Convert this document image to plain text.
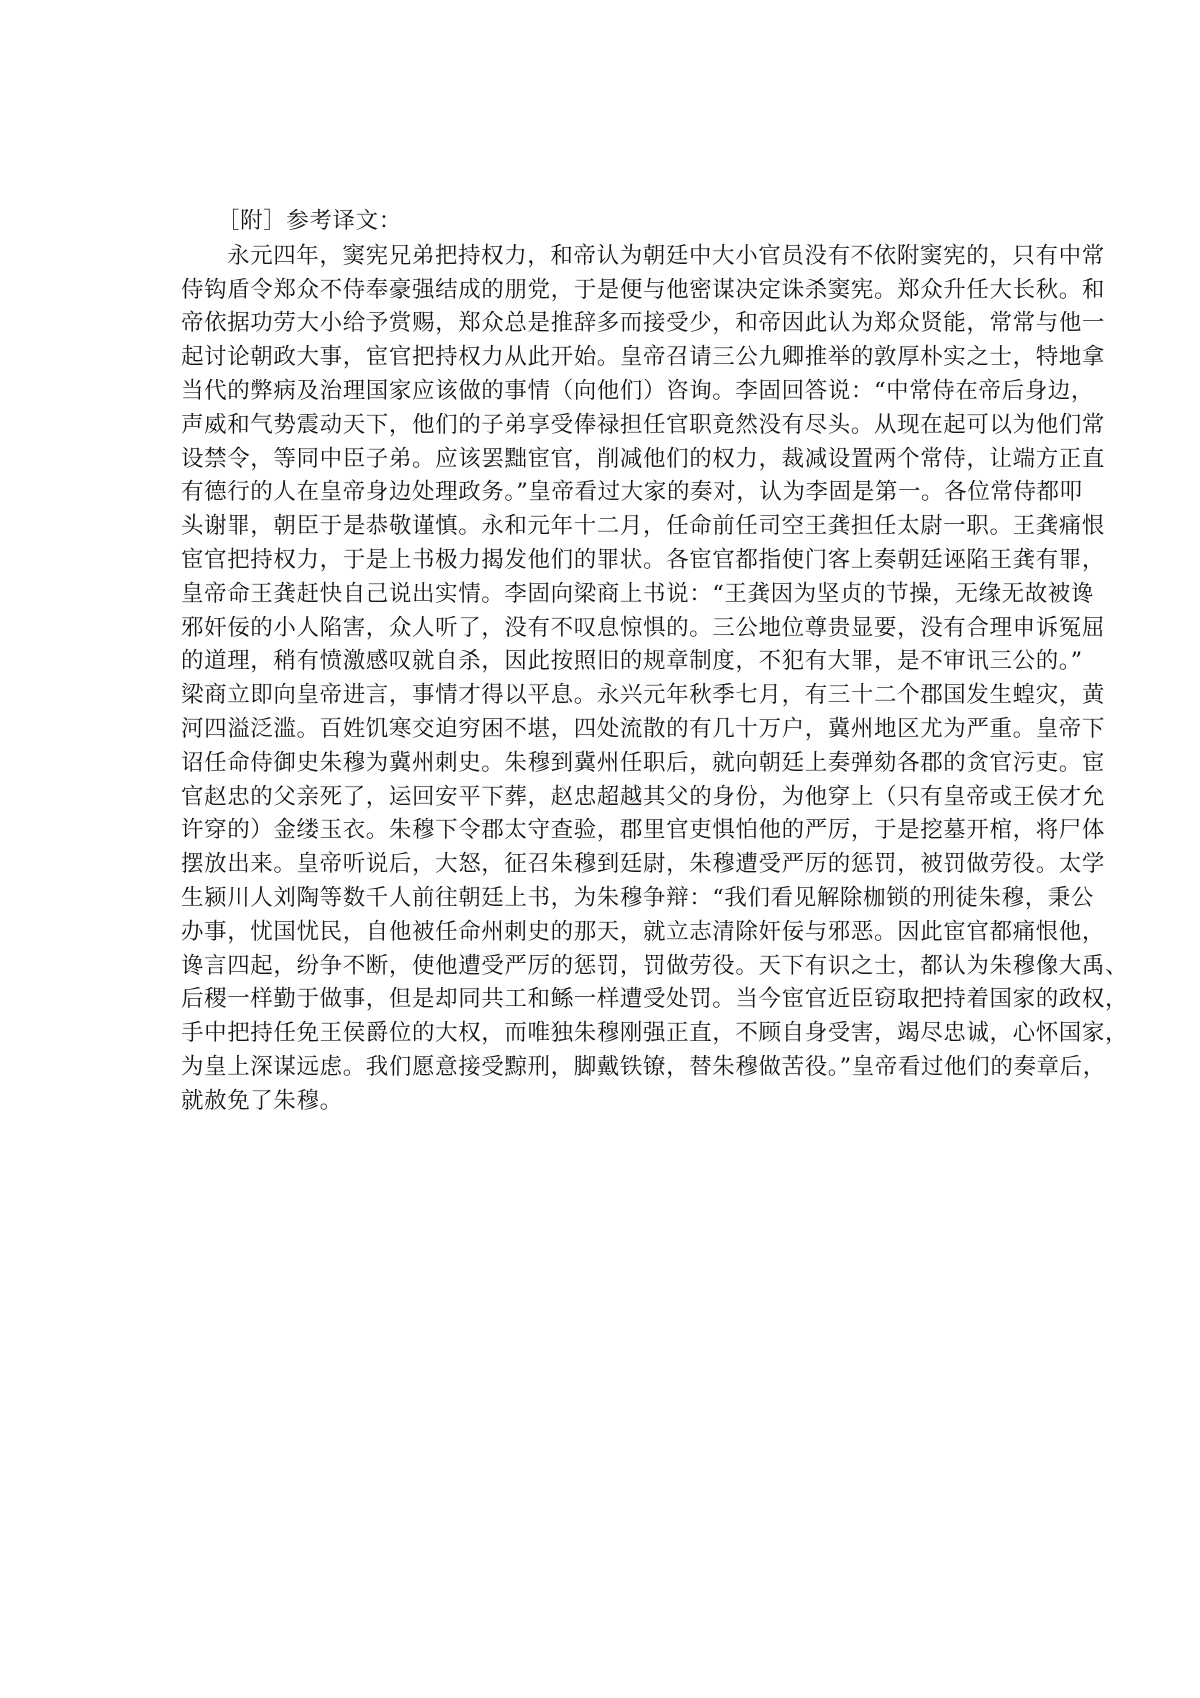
［附］参考译文：
永元四年，窦宪兄弟把持权力，和帝认为朝廷中大小官员没有不依附窦宪的，只有中常
侍钩盾令郑众不侍奉豪强结成的朋党，于是便与他密谋决定诛杀窦宪。郑众升任大长秋。和
帝依据功劳大小给予赏赐，郑众总是推辞多而接受少，和帝因此认为郑众贤能，常常与他一
起讨论朝政大事，宦官把持权力从此开始。皇帝召请三公九卿推举的敦厚朴实之士，特地拿
当代的弊病及治理国家应该做的事情（向他们）咨询。李固回答说：“中常侍在帝后身边，
声威和气势震动天下，他们的子弟享受俸禄担任官职竟然没有尽头。从现在起可以为他们常
设禁令，等同中臣子弟。应该罢黜宦官，削减他们的权力，裁减设置两个常侍，让端方正直
有德行的人在皇帝身边处理政务。”皇帝看过大家的奏对，认为李固是第一。各位常侍都叩
头谢罪，朝臣于是恭敬谨慎。永和元年十二月，任命前任司空王龚担任太尉一职。王龚痛恨
宦官把持权力，于是上书极力揭发他们的罪状。各宦官都指使门客上奏朝廷诬陷王龚有罪，
皇帝命王龚赶快自己说出实情。李固向梁商上书说：“王龚因为坚贞的节操，无缘无故被谗
邪奸佞的小人陷害，众人听了，没有不叹息惊惧的。三公地位尊贵显要，没有合理申诉冤屈
的道理，稍有愤激感叹就自杀，因此按照旧的规章制度，不犯有大罪，是不审讯三公的。”
梁商立即向皇帝进言，事情才得以平息。永兴元年秋季七月，有三十二个郡国发生蝗灾，黄
河四溢泛滥。百姓饥寒交迫穷困不堪，四处流散的有几十万户，冀州地区尤为严重。皇帝下
诏任命侍御史朱穆为冀州刺史。朱穆到冀州任职后，就向朝廷上奏弹劾各郡的贪官污吏。宦
官赵忠的父亲死了，运回安平下葬，赵忠超越其父的身份，为他穿上（只有皇帝或王侯才允
许穿的）金缕玉衣。朱穆下令郡太守查验，郡里官吏惧怕他的严厉，于是挖墓开棺，将尸体
摆放出来。皇帝听说后，大怒，征召朱穆到廷尉，朱穆遭受严厉的惩罚，被罚做劳役。太学
生颍川人刘陶等数千人前往朝廷上书，为朱穆争辩：“我们看见解除枷锁的刑徒朱穆，秉公
办事，忧国忧民，自他被任命州刺史的那天，就立志清除奸佞与邪恶。因此宦官都痛恨他，
谗言四起，纷争不断，使他遭受严厉的惩罚，罚做劳役。天下有识之士，都认为朱穆像大禹、
后稷一样勤于做事，但是却同共工和鲧一样遭受处罚。当今宦官近臣窃取把持着国家的政权，
手中把持任免王侯爵位的大权，而唯独朱穆刚强正直，不顾自身受害，竭尽忠诚，心怀国家，
为皇上深谋远虑。我们愿意接受黥刑，脚戴铁镣，替朱穆做苦役。”皇帝看过他们的奏章后，
就赦免了朱穆。
